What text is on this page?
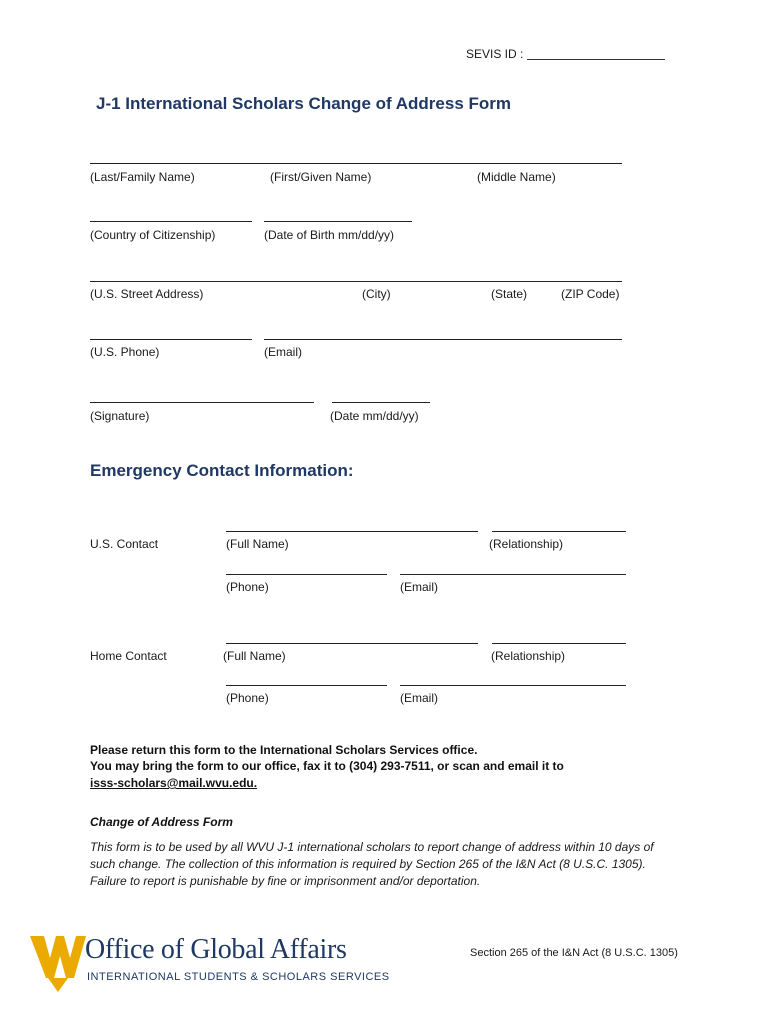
SEVIS ID :
J-1 International Scholars Change of Address Form
(Last/Family Name)	(First/Given Name)	(Middle Name)
(Country of Citizenship)	(Date of Birth mm/dd/yy)
(U.S. Street Address)	(City)	(State)	(ZIP Code)
(U.S. Phone)	(Email)
(Signature)	(Date mm/dd/yy)
Emergency Contact Information:
U.S. Contact	(Full Name)	(Relationship)
(Phone)	(Email)
Home Contact	(Full Name)	(Relationship)
(Phone)	(Email)
Please return this form to the International Scholars Services office.
You may bring the form to our office, fax it to (304) 293-7511, or scan and email it to
isss-scholars@mail.wvu.edu.
Change of Address Form
This form is to be used by all WVU J-1 international scholars to report change of address within 10 days of such change. The collection of this information is required by Section 265 of the I&N Act (8 U.S.C. 1305). Failure to report is punishable by fine or imprisonment and/or deportation.
Office of Global Affairs
INTERNATIONAL STUDENTS & SCHOLARS SERVICES
Section 265 of the I&N Act (8 U.S.C. 1305)
